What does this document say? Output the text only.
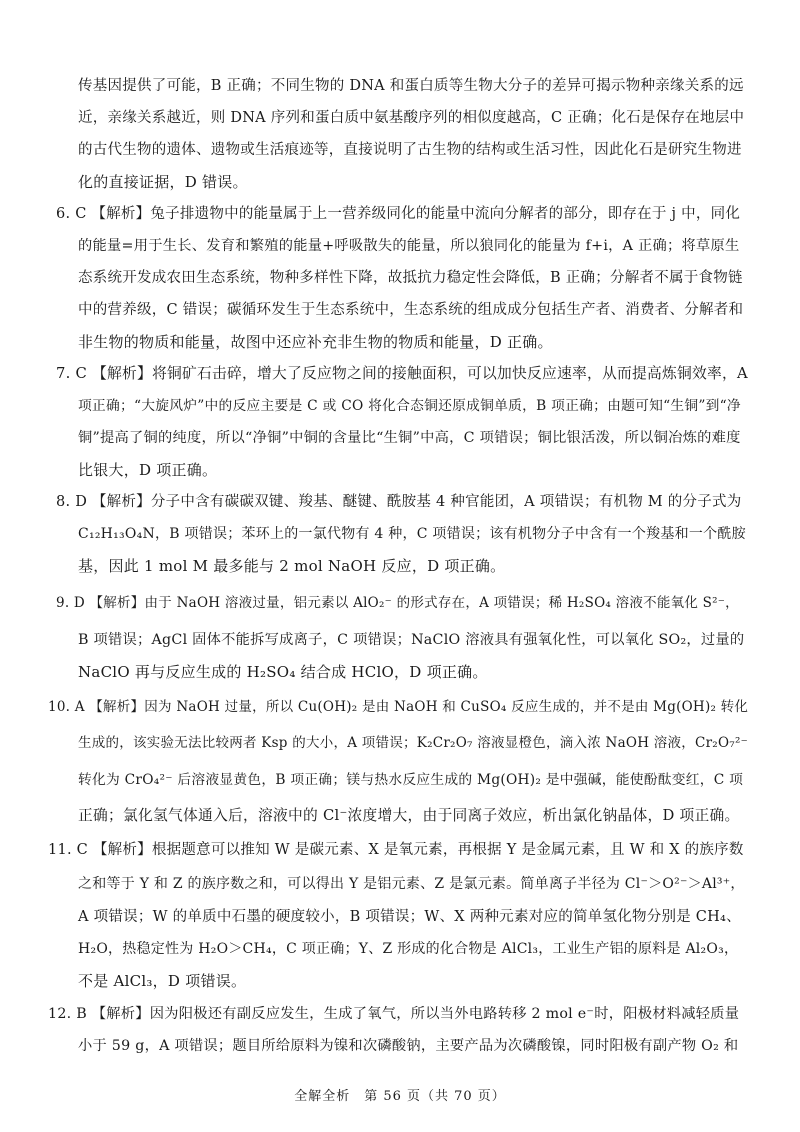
传基因提供了可能，B 正确；不同生物的 DNA 和蛋白质等生物大分子的差异可揭示物种亲缘关系的远
近，亲缘关系越近，则 DNA 序列和蛋白质中氨基酸序列的相似度越高，C 正确；化石是保存在地层中
的古代生物的遗体、遗物或生活痕迹等，直接说明了古生物的结构或生活习性，因此化石是研究生物进
化的直接证据，D 错误。
6. C 【解析】兔子排遗物中的能量属于上一营养级同化的能量中流向分解者的部分，即存在于 j 中，同化
的能量=用于生长、发育和繁殖的能量+呼吸散失的能量，所以狼同化的能量为 f+i，A 正确；将草原生
态系统开发成农田生态系统，物种多样性下降，故抵抗力稳定性会降低，B 正确；分解者不属于食物链
中的营养级，C 错误；碳循环发生于生态系统中，生态系统的组成成分包括生产者、消费者、分解者和
非生物的物质和能量，故图中还应补充非生物的物质和能量，D 正确。
7. C 【解析】将铜矿石击碎，增大了反应物之间的接触面积，可以加快反应速率，从而提高炼铜效率，A
项正确；“大旋风炉”中的反应主要是 C 或 CO 将化合态铜还原成铜单质，B 项正确；由题可知“生铜”到“净
铜”提高了铜的纯度，所以“净铜”中铜的含量比“生铜”中高，C 项错误；铜比银活泼，所以铜冶炼的难度
比银大，D 项正确。
8. D 【解析】分子中含有碳碳双键、羧基、醚键、酰胺基 4 种官能团，A 项错误；有机物 M 的分子式为
C₁₂H₁₃O₄N，B 项错误；苯环上的一氯代物有 4 种，C 项错误；该有机物分子中含有一个羧基和一个酰胺
基，因此 1 mol M 最多能与 2 mol NaOH 反应，D 项正确。
9. D 【解析】由于 NaOH 溶液过量，铝元素以 AlO₂⁻ 的形式存在，A 项错误；稀 H₂SO₄ 溶液不能氧化 S²⁻，
B 项错误；AgCl 固体不能拆写成离子，C 项错误；NaClO 溶液具有强氧化性，可以氧化 SO₂，过量的
NaClO 再与反应生成的 H₂SO₄ 结合成 HClO，D 项正确。
10. A 【解析】因为 NaOH 过量，所以 Cu(OH)₂ 是由 NaOH 和 CuSO₄ 反应生成的，并不是由 Mg(OH)₂ 转化
生成的，该实验无法比较两者 Ksp 的大小，A 项错误；K₂Cr₂O₇ 溶液显橙色，滴入浓 NaOH 溶液，Cr₂O₇²⁻
转化为 CrO₄²⁻ 后溶液显黄色，B 项正确；镁与热水反应生成的 Mg(OH)₂ 是中强碱，能使酚酞变红，C 项
正确；氯化氢气体通入后，溶液中的 Cl⁻浓度增大，由于同离子效应，析出氯化钠晶体，D 项正确。
11. C 【解析】根据题意可以推知 W 是碳元素、X 是氧元素，再根据 Y 是金属元素，且 W 和 X 的族序数
之和等于 Y 和 Z 的族序数之和，可以得出 Y 是铝元素、Z 是氯元素。简单离子半径为 Cl⁻＞O²⁻＞Al³⁺，
A 项错误；W 的单质中石墨的硬度较小，B 项错误；W、X 两种元素对应的简单氢化物分别是 CH₄、
H₂O，热稳定性为 H₂O＞CH₄，C 项正确；Y、Z 形成的化合物是 AlCl₃，工业生产铝的原料是 Al₂O₃，
不是 AlCl₃，D 项错误。
12. B 【解析】因为阳极还有副反应发生，生成了氧气，所以当外电路转移 2 mol e⁻时，阳极材料减轻质量
小于 59 g，A 项错误；题目所给原料为镍和次磷酸钠，主要产品为次磷酸镍，同时阳极有副产物 O₂ 和
全解全析　第 56 页（共 70 页）
